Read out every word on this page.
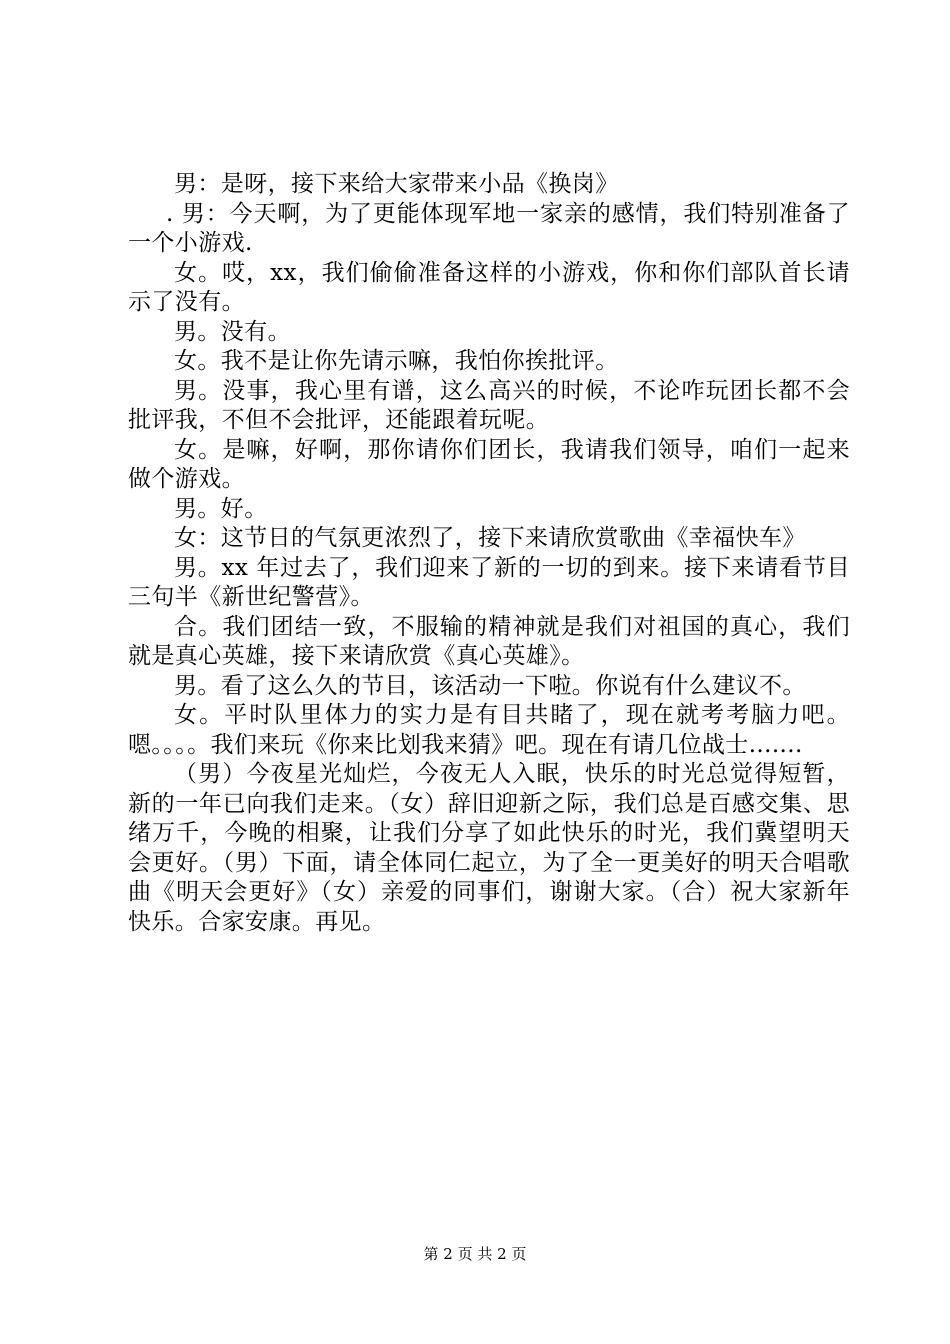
男：是呀，接下来给大家带来小品《换岗》

. 男：今天啊，为了更能体现军地一家亲的感情，我们特别准备了一个小游戏.

女。哎，xx，我们偷偷准备这样的小游戏，你和你们部队首长请示了没有。

男。没有。

女。我不是让你先请示嘛，我怕你挨批评。

男。没事，我心里有谱，这么高兴的时候，不论咋玩团长都不会批评我，不但不会批评，还能跟着玩呢。

女。是嘛，好啊，那你请你们团长，我请我们领导，咱们一起来做个游戏。

男。好。

女：这节日的气氛更浓烈了，接下来请欣赏歌曲《幸福快车》

男。xx 年过去了，我们迎来了新的一切的到来。接下来请看节目三句半《新世纪警营》。

合。我们团结一致，不服输的精神就是我们对祖国的真心，我们就是真心英雄，接下来请欣赏《真心英雄》。

男。看了这么久的节目，该活动一下啦。你说有什么建议不。

女。平时队里体力的实力是有目共睹了，现在就考考脑力吧。嗯。。。。我们来玩《你来比划我来猜》吧。现在有请几位战士.......

（男）今夜星光灿烂，今夜无人入眠，快乐的时光总觉得短暂，新的一年已向我们走来。（女）辞旧迎新之际，我们总是百感交集、思绪万千，今晚的相聚，让我们分享了如此快乐的时光，我们冀望明天会更好。（男）下面，请全体同仁起立，为了全一更美好的明天合唱歌曲《明天会更好》（女）亲爱的同事们，谢谢大家。（合）祝大家新年快乐。合家安康。再见。

第 2 页 共 2 页
